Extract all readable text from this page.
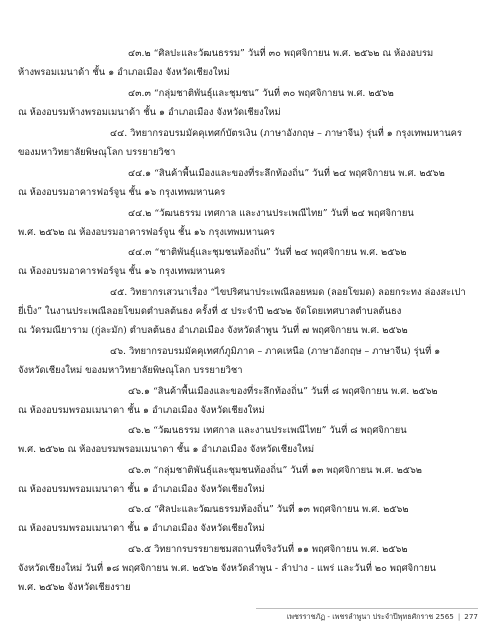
๔๓.๒ “ศิลปะและวัฒนธรรม” วันที่ ๓๐ พฤศจิกายน พ.ศ. ๒๕๖๒ ณ ห้องอบรม
ห้างพรอมเมนาด้า ชั้น ๑ อำเภอเมือง จังหวัดเชียงใหม่
๔๓.๓ “กลุ่มชาติพันธุ์และชุมชน” วันที่ ๓๐ พฤศจิกายน พ.ศ. ๒๕๖๒
ณ ห้องอบรมห้างพรอมเมนาด้า ชั้น ๑ อำเภอเมือง จังหวัดเชียงใหม่
๔๔. วิทยากรอบรมมัคคุเทศก์บัตรเงิน (ภาษาอังกฤษ – ภาษาจีน) รุ่นที่ ๑ กรุงเทพมหานคร
ของมหาวิทยาลัยพิษณุโลก บรรยายวิชา
๔๔.๑ “สินค้าพื้นเมืองและของที่ระลึกท้องถิ่น” วันที่ ๒๔ พฤศจิกายน พ.ศ. ๒๕๖๒
ณ ห้องอบรมอาคารฟอร์จูน ชั้น ๑๖ กรุงเทพมหานคร
๔๔.๒ “วัฒนธรรม เทศกาล และงานประเพณีไทย” วันที่ ๒๔ พฤศจิกายน
พ.ศ. ๒๕๖๒ ณ ห้องอบรมอาคารฟอร์จูน ชั้น ๑๖ กรุงเทพมหานคร
๔๔.๓ “ชาติพันธุ์และชุมชนท้องถิ่น” วันที่ ๒๔ พฤศจิกายน พ.ศ. ๒๕๖๒
ณ ห้องอบรมอาคารฟอร์จูน ชั้น ๑๖ กรุงเทพมหานคร
๔๕. วิทยากรเสวนาเรื่อง “ไขปริศนาประเพณีลอยหมด (ลอยโขมด) ลอยกระทง ล่องสะเปา
ยี่เป็ง” ในงานประเพณีลอยโขมดตำบลต้นธง ครั้งที่ ๕ ประจำปี ๒๕๖๒ จัดโดยเทศบาลตำบลต้นธง
ณ วัดรมณียาราม (กู่ละมัก) ตำบลต้นธง อำเภอเมือง จังหวัดลำพูน วันที่ ๗ พฤศจิกายน พ.ศ. ๒๕๖๒
๔๖. วิทยากรอบรมมัคคุเทศก์ภูมิภาค – ภาคเหนือ (ภาษาอังกฤษ – ภาษาจีน) รุ่นที่ ๑
จังหวัดเชียงใหม่ ของมหาวิทยาลัยพิษณุโลก บรรยายวิชา
๔๖.๑ “สินค้าพื้นเมืองและของที่ระลึกท้องถิ่น” วันที่ ๘ พฤศจิกายน พ.ศ. ๒๕๖๒
ณ ห้องอบรมพรอมเมนาดา ชั้น ๑ อำเภอเมือง จังหวัดเชียงใหม่
๔๖.๒ “วัฒนธรรม เทศกาล และงานประเพณีไทย” วันที่ ๘ พฤศจิกายน
พ.ศ. ๒๕๖๒ ณ ห้องอบรมพรอมเมนาดา ชั้น ๑ อำเภอเมือง จังหวัดเชียงใหม่
๔๖.๓ “กลุ่มชาติพันธุ์และชุมชนท้องถิ่น” วันที่ ๑๓ พฤศจิกายน พ.ศ. ๒๕๖๒
ณ ห้องอบรมพรอมเมนาดา ชั้น ๑ อำเภอเมือง จังหวัดเชียงใหม่
๔๖.๔ “ศิลปะและวัฒนธรรมท้องถิ่น” วันที่ ๑๓ พฤศจิกายน พ.ศ. ๒๕๖๒
ณ ห้องอบรมพรอมเมนาดา ชั้น ๑ อำเภอเมือง จังหวัดเชียงใหม่
๔๖.๕ วิทยากรบรรยายชมสถานที่จริงวันที่ ๑๑ พฤศจิกายน พ.ศ. ๒๕๖๒
จังหวัดเชียงใหม่ วันที่ ๑๘ พฤศจิกายน พ.ศ. ๒๕๖๒ จังหวัดลำพูน - ลำปาง - แพร่ และวันที่ ๒๐ พฤศจิกายน
พ.ศ. ๒๕๖๒ จังหวัดเชียงราย
เพชรราชภัฏ - เพชรลำพูนา ประจำปีพุทธศักราช 2565 | 277
